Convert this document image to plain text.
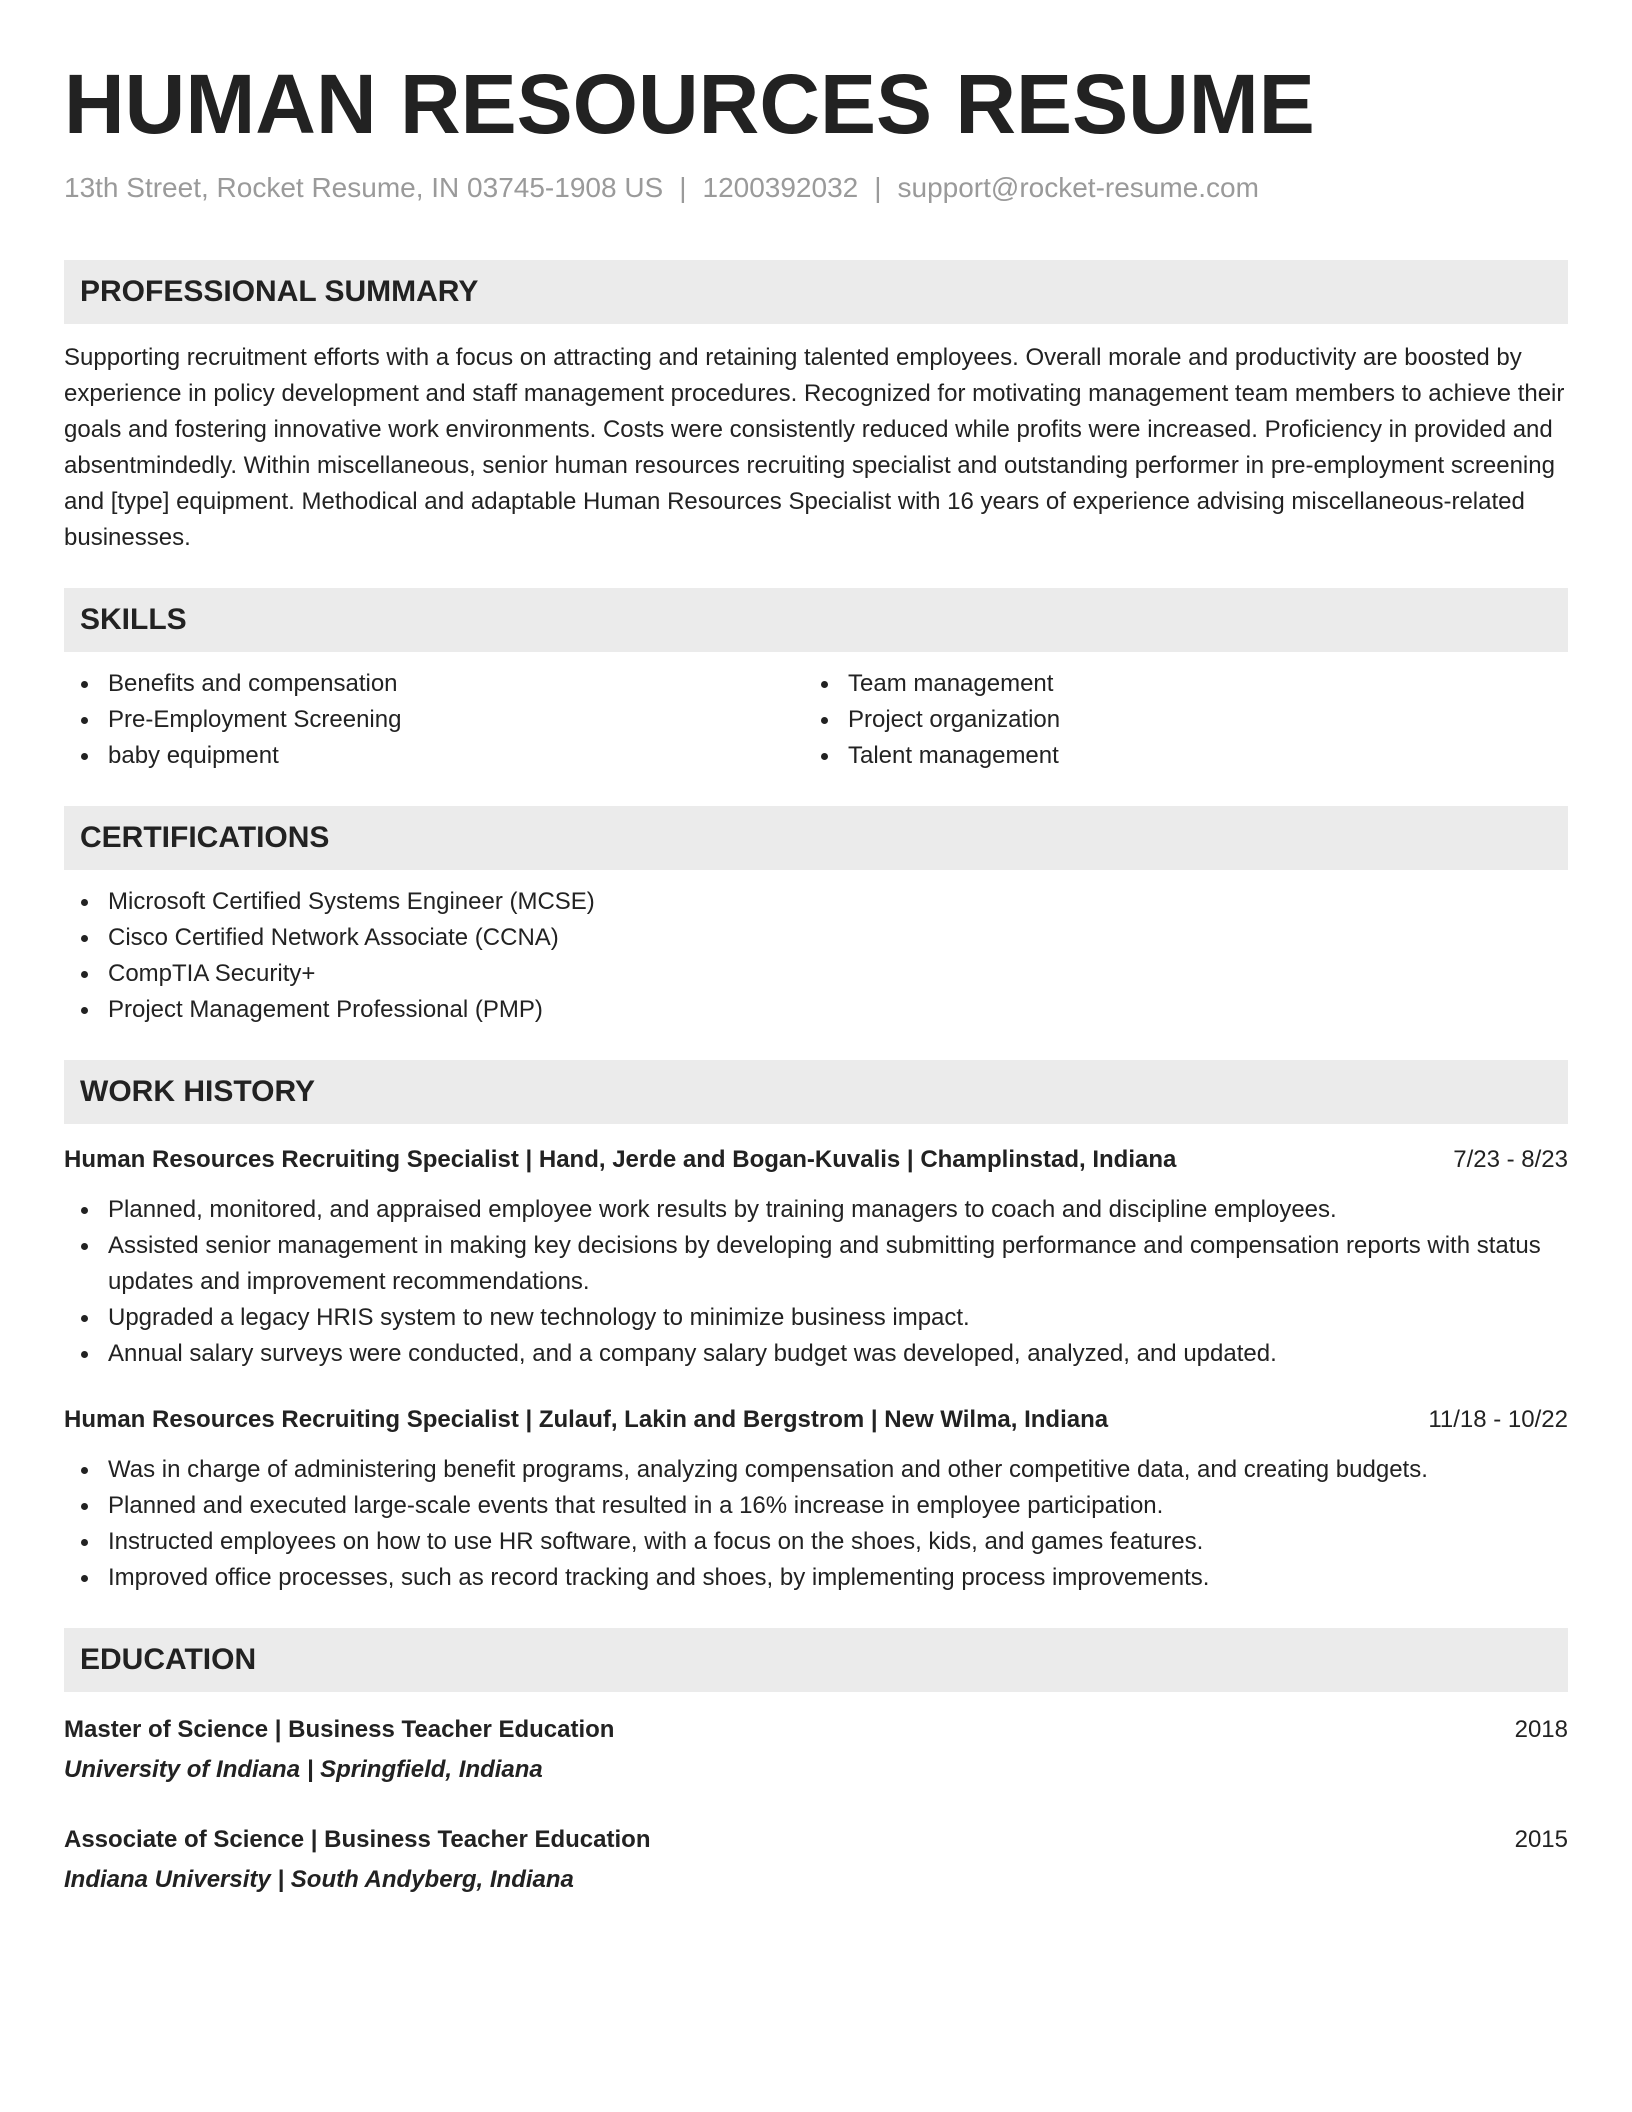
HUMAN RESOURCES RESUME
13th Street, Rocket Resume, IN 03745-1908 US | 1200392032 | support@rocket-resume.com
PROFESSIONAL SUMMARY

Supporting recruitment efforts with a focus on attracting and retaining talented employees. Overall morale and productivity are boosted by experience in policy development and staff management procedures. Recognized for motivating management team members to achieve their goals and fostering innovative work environments. Costs were consistently reduced while profits were increased. Proficiency in provided and absentmindedly. Within miscellaneous, senior human resources recruiting specialist and outstanding performer in pre-employment screening and [type] equipment. Methodical and adaptable Human Resources Specialist with 16 years of experience advising miscellaneous-related businesses.

SKILLS
Benefits and compensation
Pre-Employment Screening
baby equipment
Team management
Project organization
Talent management
CERTIFICATIONS
Microsoft Certified Systems Engineer (MCSE)
Cisco Certified Network Associate (CCNA)
CompTIA Security+
Project Management Professional (PMP)
WORK HISTORY
Human Resources Recruiting Specialist | Hand, Jerde and Bogan-Kuvalis | Champlinstad, Indiana	7/23 - 8/23
Planned, monitored, and appraised employee work results by training managers to coach and discipline employees.
Assisted senior management in making key decisions by developing and submitting performance and compensation reports with status updates and improvement recommendations.
Upgraded a legacy HRIS system to new technology to minimize business impact.
Annual salary surveys were conducted, and a company salary budget was developed, analyzed, and updated.
Human Resources Recruiting Specialist | Zulauf, Lakin and Bergstrom | New Wilma, Indiana	11/18 - 10/22
Was in charge of administering benefit programs, analyzing compensation and other competitive data, and creating budgets.
Planned and executed large-scale events that resulted in a 16% increase in employee participation.
Instructed employees on how to use HR software, with a focus on the shoes, kids, and games features.
Improved office processes, such as record tracking and shoes, by implementing process improvements.
EDUCATION
Master of Science | Business Teacher Education	2018
University of Indiana | Springfield, Indiana
Associate of Science | Business Teacher Education	2015
Indiana University | South Andyberg, Indiana
